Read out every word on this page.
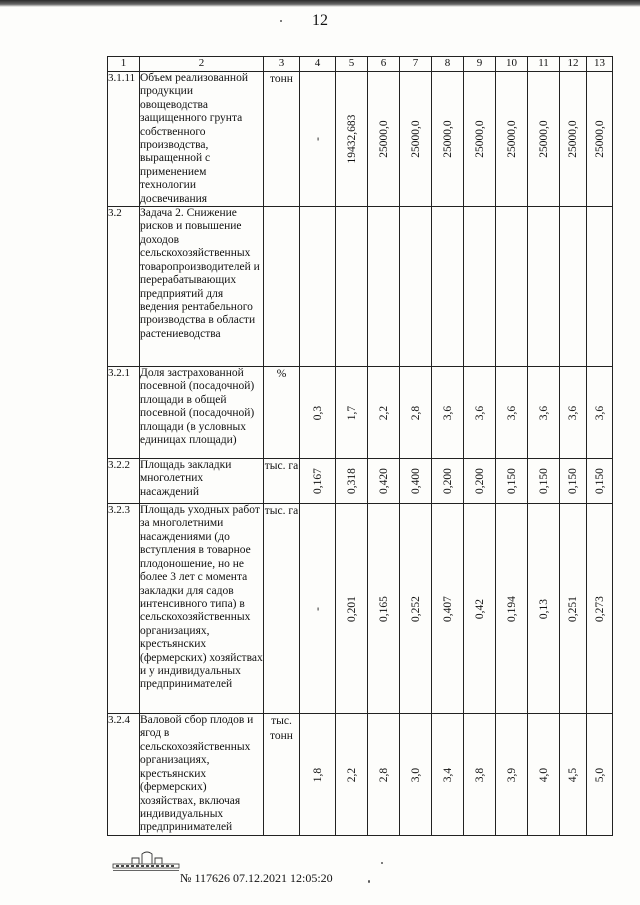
12
1	2	3	4	5	6	7	8	9	10	11	12	13
3.1.11	Объем реализованной продукции овощеводства защищенного грунта собственного производства, выращенной с применением технологии досвечивания	тонн	-	19432,683	25000,0	25000,0	25000,0	25000,0	25000,0	25000,0	25000,0	25000,0

3.2	Задача 2. Снижение рисков и повышение доходов сельскохозяйственных товаропроизводителей и перерабатывающих предприятий для ведения рентабельного производства в области растениеводства		

3.2.1	Доля застрахованной посевной (посадочной) площади в общей посевной (посадочной) площади (в условных единицах площади)	%	0,3	1,7	2,2	2,8	3,6	3,6	3,6	3,6	3,6	3,6

3.2.2	Площадь закладки многолетних насаждений	тыс. га	0,167	0,318	0,420	0,400	0,200	0,200	0,150	0,150	0,150	0,150

3.2.3	Площадь уходных работ за многолетними насаждениями (до вступления в товарное плодоношение, но не более 3 лет с момента закладки для садов интенсивного типа) в сельскохозяйственных организациях, крестьянских (фермерских) хозяйствах и у индивидуальных предпринимателей	тыс. га	-	0,201	0,165	0,252	0,407	0,42	0,194	0,13	0,251	0,273

3.2.4	Валовой сбор плодов и ягод в сельскохозяйственных организациях, крестьянских (фермерских) хозяйствах, включая индивидуальных предпринимателей	тыс. тонн	1,8	2,2	2,8	3,0	3,4	3,8	3,9	4,0	4,5	5,0
№ 117626 07.12.2021 12:05:20
